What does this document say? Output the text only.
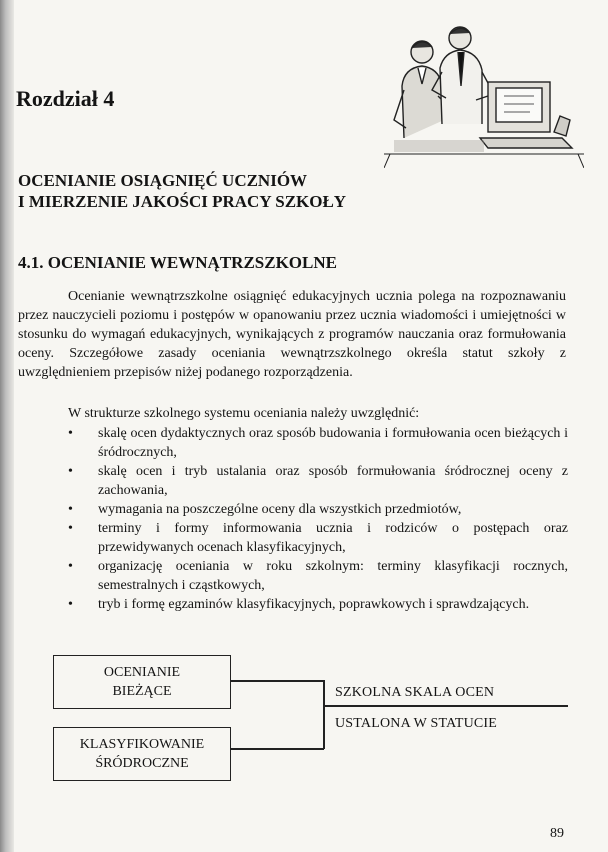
Rozdział 4
OCENIANIE OSIĄGNIĘĆ UCZNIÓW
I MIERZENIE JAKOŚCI PRACY SZKOŁY
4.1. OCENIANIE WEWNĄTRZSZKOLNE

Ocenianie wewnątrzszkolne osiągnięć edukacyjnych ucznia polega na rozpoznawaniu przez nauczycieli poziomu i postępów w opanowaniu przez ucznia wiadomości i umiejętności w stosunku do wymagań edukacyjnych, wynikających z programów nauczania oraz formułowania oceny. Szczegółowe zasady oceniania wewnątrzszkolnego określa statut szkoły z uwzględnieniem przepisów niżej podanego rozporządzenia.

W strukturze szkolnego systemu oceniania należy uwzględnić:

• skalę ocen dydaktycznych oraz sposób budowania i formułowania ocen bieżących i śródrocznych,
• skalę ocen i tryb ustalania oraz sposób formułowania śródrocznej oceny z zachowania,
• wymagania na poszczególne oceny dla wszystkich przedmiotów,
• terminy i formy informowania ucznia i rodziców o postępach oraz przewidywanych ocenach klasyfikacyjnych,
• organizację oceniania w roku szkolnym: terminy klasyfikacji rocznych, semestralnych i cząstkowych,
• tryb i formę egzaminów klasyfikacyjnych, poprawkowych i sprawdzających.
OCENIANIE
BIEŻĄCE
KLASYFIKOWANIE
ŚRÓDROCZNE
SZKOLNA SKALA OCEN
USTALONA W STATUCIE
89
